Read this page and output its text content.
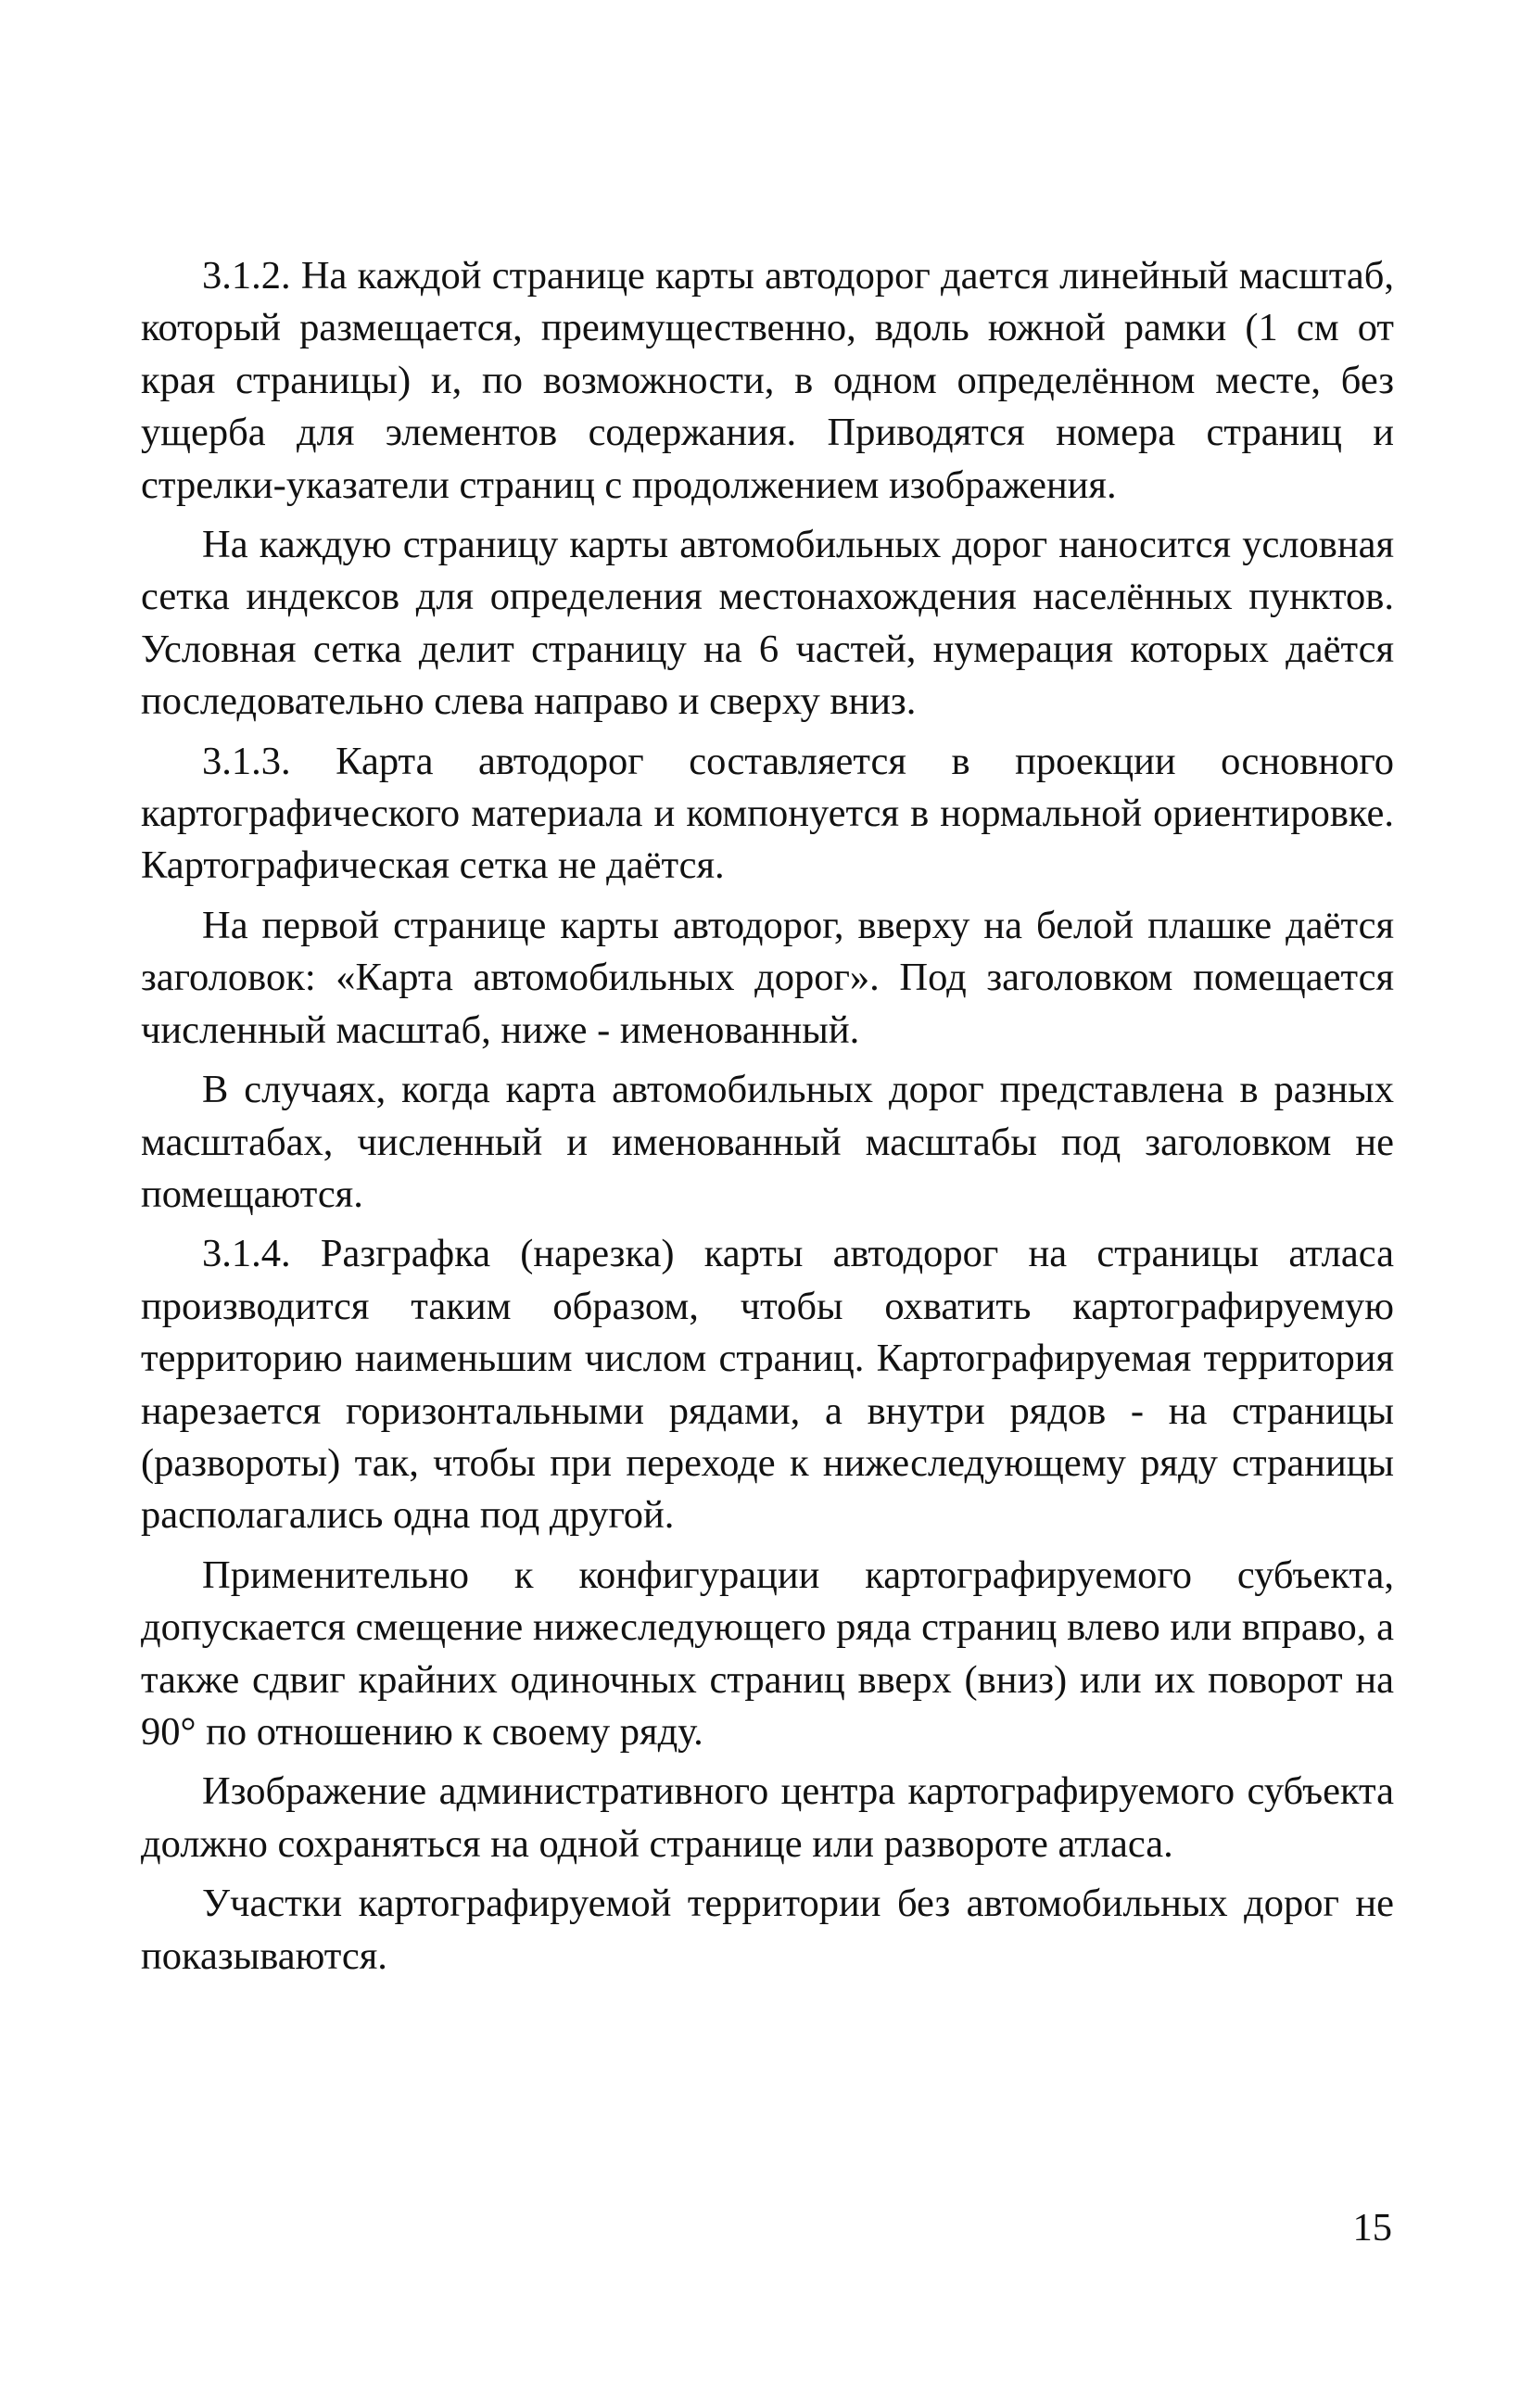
3.1.2. На каждой странице карты автодорог дается линейный масштаб, который размещается, преимущественно, вдоль южной рамки (1 см от края страницы) и, по возможности, в одном определённом месте, без ущерба для элементов содержания. Приводятся номера страниц и стрелки-указатели страниц с продолжением изображения.

На каждую страницу карты автомобильных дорог наносится условная сетка индексов для определения местонахождения населённых пунктов. Условная сетка делит страницу на 6 частей, нумерация которых даётся последовательно слева направо и сверху вниз.

3.1.3. Карта автодорог составляется в проекции основного картографического материала и компонуется в нормальной ориентировке. Картографическая сетка не даётся.

На первой странице карты автодорог, вверху на белой плашке даётся заголовок: «Карта автомобильных дорог». Под заголовком помещается численный масштаб, ниже - именованный.

В случаях, когда карта автомобильных дорог представлена в разных масштабах, численный и именованный масштабы под заголовком не помещаются.

3.1.4. Разграфка (нарезка) карты автодорог на страницы атласа производится таким образом, чтобы охватить картографируемую территорию наименьшим числом страниц. Картографируемая территория нарезается горизонтальными рядами, а внутри рядов - на страницы (развороты) так, чтобы при переходе к нижеследующему ряду страницы располагались одна под другой.

Применительно к конфигурации картографируемого субъекта, допускается смещение нижеследующего ряда страниц влево или вправо, а также сдвиг крайних одиночных страниц вверх (вниз) или их поворот на 90° по отношению к своему ряду.

Изображение административного центра картографируемого субъекта должно сохраняться на одной странице или развороте атласа.

Участки картографируемой территории без автомобильных дорог не показываются.

15
